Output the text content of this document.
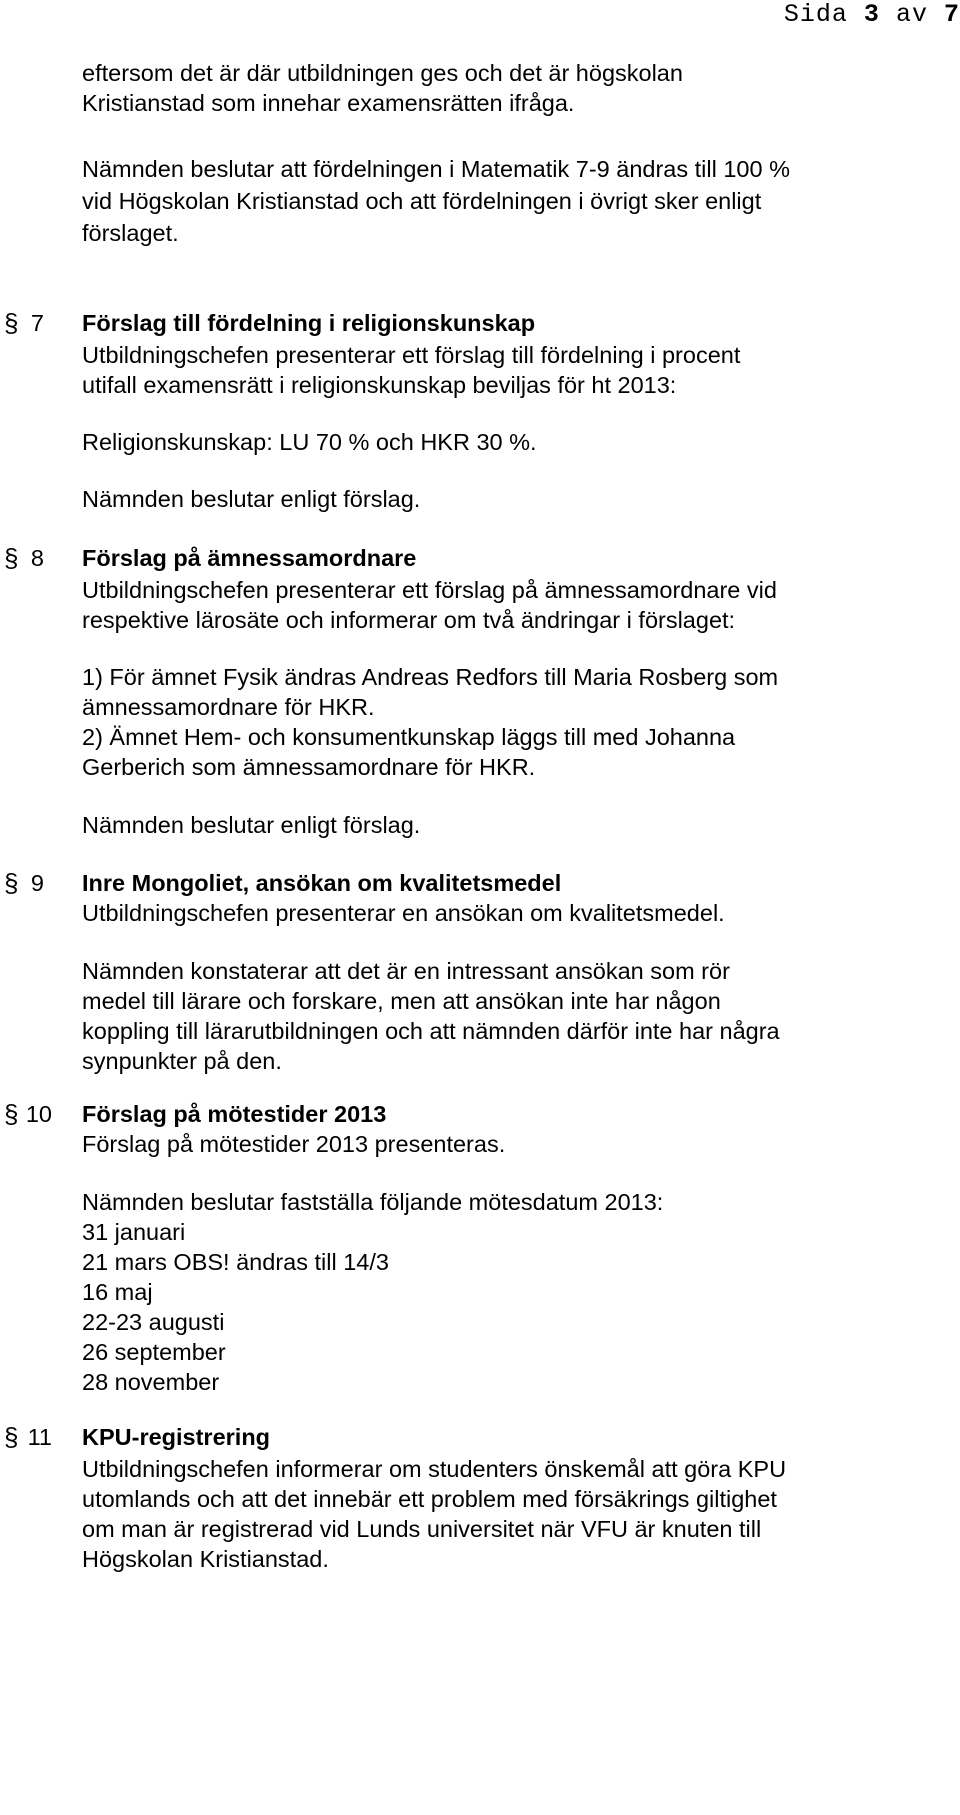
Sida 3 av 7
eftersom det är där utbildningen ges och det är högskolan
Kristianstad som innehar examensrätten ifråga.
Nämnden beslutar att fördelningen i Matematik 7-9 ändras till 100 %
vid Högskolan Kristianstad och att fördelningen i övrigt sker enligt
förslaget.
§ 7 Förslag till fördelning i religionskunskap
Utbildningschefen presenterar ett förslag till fördelning i procent
utifall examensrätt i religionskunskap beviljas för ht 2013:
Religionskunskap: LU 70 % och HKR 30 %.
Nämnden beslutar enligt förslag.
§ 8 Förslag på ämnessamordnare
Utbildningschefen presenterar ett förslag på ämnessamordnare vid
respektive lärosäte och informerar om två ändringar i förslaget:
1) För ämnet Fysik ändras Andreas Redfors till Maria Rosberg som
ämnessamordnare för HKR.
2) Ämnet Hem- och konsumentkunskap läggs till med Johanna
Gerberich som ämnessamordnare för HKR.
Nämnden beslutar enligt förslag.
§ 9 Inre Mongoliet, ansökan om kvalitetsmedel
Utbildningschefen presenterar en ansökan om kvalitetsmedel.
Nämnden konstaterar att det är en intressant ansökan som rör
medel till lärare och forskare, men att ansökan inte har någon
koppling till lärarutbildningen och att nämnden därför inte har några
synpunkter på den.
§ 10 Förslag på mötestider 2013
Förslag på mötestider 2013 presenteras.
Nämnden beslutar fastställa följande mötesdatum 2013:
31 januari
21 mars OBS! ändras till 14/3
16 maj
22-23 augusti
26 september
28 november
§ 11 KPU-registrering
Utbildningschefen informerar om studenters önskemål att göra KPU
utomlands och att det innebär ett problem med försäkrings giltighet
om man är registrerad vid Lunds universitet när VFU är knuten till
Högskolan Kristianstad.
